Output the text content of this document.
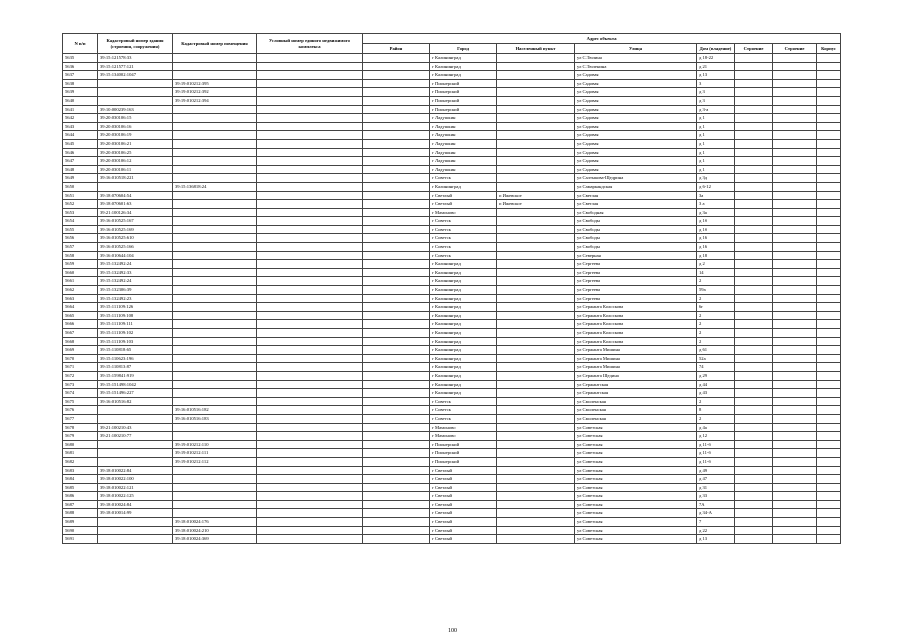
N п/п	Кадастровый номер здания (строения, сооружения)	Кадастровый номер помещения	Условный номер единого недвижимого комплекса	Адрес объекта							
				Район	Город	Населенный пункт	Улица	Дом (владение)	Строение	Строение	Корпус
5635	39:15:121578:33				г Калининград		ул С.Тюлина	д 18-22			
5636	39:15:121577:121				г Калининград		ул С.Тюленина	д 21			
5637	39:15:134002:1047				г Калининград		ул Садовая	д 13			
5638		39:19:010212:395			г Пионерский		ул Садовая	3			
5639		39:19:010212:392			г Пионерский		ул Садовая	д 3			
5640		39:19:010212:394			г Пионерский		ул Садовая	д 3			
5641	39:10:000239:163				г Пионерский		ул Садовая	д 3-а			
5642	39:20:030106:15				г Ладушкин		ул Садовая	д 1			
5643	39:20:030106:16				г Ладушкин		ул Садовая	д 1			
5644	39:20:030106:19				г Ладушкин		ул Садовая	д 1			
5645	39:20:030106:21				г Ладушкин		ул Садовая	д 1			
5646	39:20:030106:25				г Ладушкин		ул Садовая	д 1			
5647	39:20:030106:12				г Ладушкин		ул Садовая	д 1			
5648	39:20:030106:11				г Ладушкин		ул Садовая	д 1			
5649	39:16:010518:221				г Советск		ул Салтыкова-Щедрина	д 3д			
5650		39:15:136818:24			г Калининград		ул Самаркандская	д 6-12			
5651	39:18:070604:54				г Светлый	п Ижевское	ул Светлая	3а			
5652	39:18:070601:63				г Светлый	п Ижевское	ул Светлая	3 а			
5653	39:21:100126:34				г Мамоново		ул Свободная	д 3а			
5654	39:16:010525:167				г Советск		ул Свободы	д 1б			
5655	39:16:010525:169				г Советск		ул Свободы	д 1б			
5656	39:16:010525:610				г Советск		ул Свободы	д 16			
5657	39:16:010525:166				г Советск		ул Свободы	д 16			
5658	39:16:010644:104				г Советск		ул Северная	д 18			
5659	39:15:132492:24				г Калининград		ул Сергеева	д 2			
5660	39:15:132492:33				г Калининград		ул Сергеева	14			
5661	39:15:132492:24				г Калининград		ул Сергеева	2			
5662	39:15:132306:39				г Калининград		ул Сергеева	59а			
5663	39:15:132492:23				г Калининград		ул Сергеева	2			
5664	39:15:111109:126				г Калининград		ул Сержанта Колоскова	6г			
5665	39:15:111109:108				г Калининград		ул Сержанта Колоскова	2			
5666	39:15:111109:111				г Калининград		ул Сержанта Колоскова	2			
5667	39:15:111109:102				г Калининград		ул Сержанта Колоскова	2			
5668	39:15:111109:103				г Калининград		ул Сержанта Колоскова	2			
5669	39:15:110818:65				г Калининград		ул Сержанта Мишина	д 61			
5670	39:15:110623:196				г Калининград		ул Сержанта Мишина	52а			
5671	39:15:110813:87				г Калининград		ул Сержанта Мишина	74			
5672	39:15:159841:919				г Калининград		ул Сержанта Щедина	д 29			
5673	39:15:151498:1042				г Калининград		ул Сержантская	д 44			
5674	39:15:151496:227				г Калининград		ул Сержантская	д 43			
5675	39:16:010516:82				г Советск		ул Смоленская	2			
5676		39:16:010516:182			г Советск		ул Смоленская	8			
5677		39:16:010516:183			г Советск		ул Смоленская	2			
5678	39:21:100210:43				г Мамоново		ул Советская	д 4а			
5679	39:21:100210:77				г Мамоново		ул Советская	д 12			
5680		39:19:010212:110			г Пионерский		ул Советская	д 11-б			
5681		39:19:010212:111			г Пионерский		ул Советская	д 11-б			
5682		39:19:010212:112			г Пионерский		ул Советская	д 11-б			
5683	39:18:010022:84				г Светлый		ул Советская	д 49			
5684	39:18:010022:100				г Светлый		ул Советская	д 47			
5685	39:18:010022:121				г Светлый		ул Советская	д 31			
5686	39:18:010022:125				г Светлый		ул Советская	д 33			
5687	39:18:010024:84				г Светлый		ул Советская	7А			
5688	39:18:010014:99				г Светлый		ул Советская	д 34-А			
5689		39:18:010024:176			г Светлый		ул Советская	7			
5690		39:18:010024:210			г Светлый		ул Советская	д 22			
5691		39:18:010024:369			г Светлый		ул Советская	д 13			
100
